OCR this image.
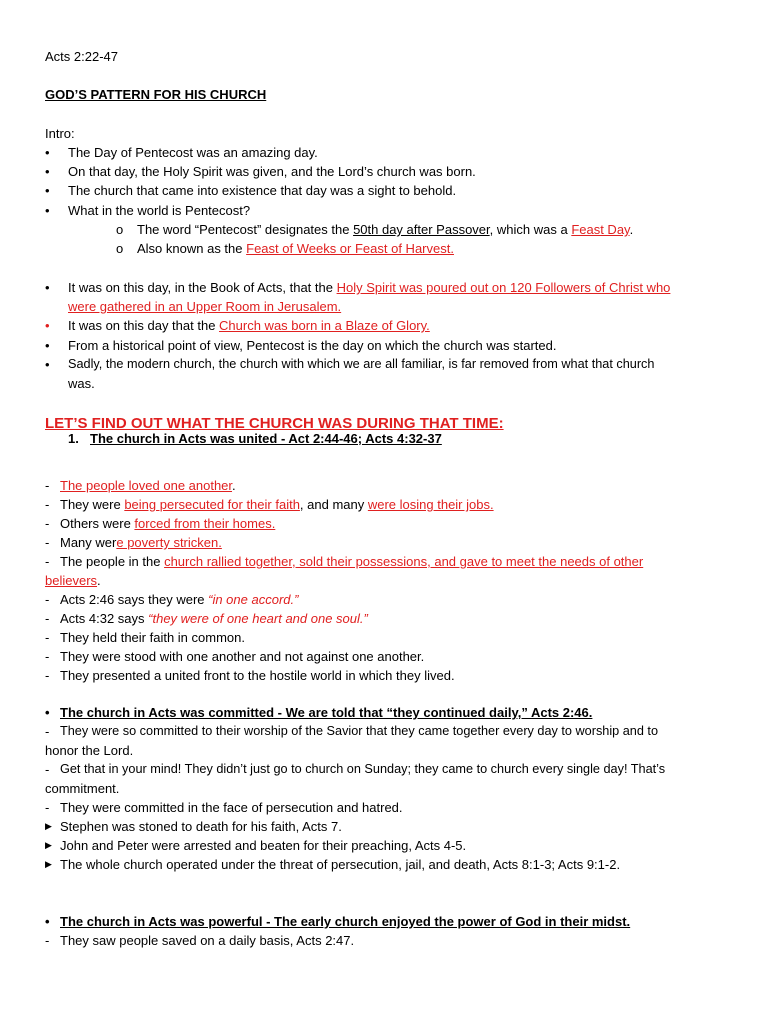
Acts 2:22-47
GOD’S PATTERN FOR HIS CHURCH
Intro:
• The Day of Pentecost was an amazing day.
• On that day, the Holy Spirit was given, and the Lord’s church was born.
• The church that came into existence that day was a sight to behold.
• What in the world is Pentecost?
o The word “Pentecost” designates the 50th day after Passover, which was a Feast Day.
o Also known as the Feast of Weeks or Feast of Harvest.
• It was on this day, in the Book of Acts, that the Holy Spirit was poured out on 120 Followers of Christ who
were gathered in an Upper Room in Jerusalem.
• It was on this day that the Church was born in a Blaze of Glory.
• From a historical point of view, Pentecost is the day on which the church was started.
• Sadly, the modern church, the church with which we are all familiar, is far removed from what that church
was.
LET’S FIND OUT WHAT THE CHURCH WAS DURING THAT TIME:
1. The church in Acts was united - Act 2:44-46; Acts 4:32-37
- The people loved one another.
- They were being persecuted for their faith, and many were losing their jobs.
- Others were forced from their homes.
- Many were poverty stricken.
- The people in the church rallied together, sold their possessions, and gave to meet the needs of other
believers.
- Acts 2:46 says they were “in one accord.”
- Acts 4:32 says “they were of one heart and one soul.”
- They held their faith in common.
- They were stood with one another and not against one another.
- They presented a united front to the hostile world in which they lived.
• The church in Acts was committed - We are told that “they continued daily,” Acts 2:46.
- They were so committed to their worship of the Savior that they came together every day to worship and to
honor the Lord.
- Get that in your mind! They didn’t just go to church on Sunday; they came to church every single day! That’s
commitment.
- They were committed in the face of persecution and hatred.
▶ Stephen was stoned to death for his faith, Acts 7.
▶ John and Peter were arrested and beaten for their preaching, Acts 4-5.
▶ The whole church operated under the threat of persecution, jail, and death, Acts 8:1-3; Acts 9:1-2.
• The church in Acts was powerful - The early church enjoyed the power of God in their midst.
- They saw people saved on a daily basis, Acts 2:47.
